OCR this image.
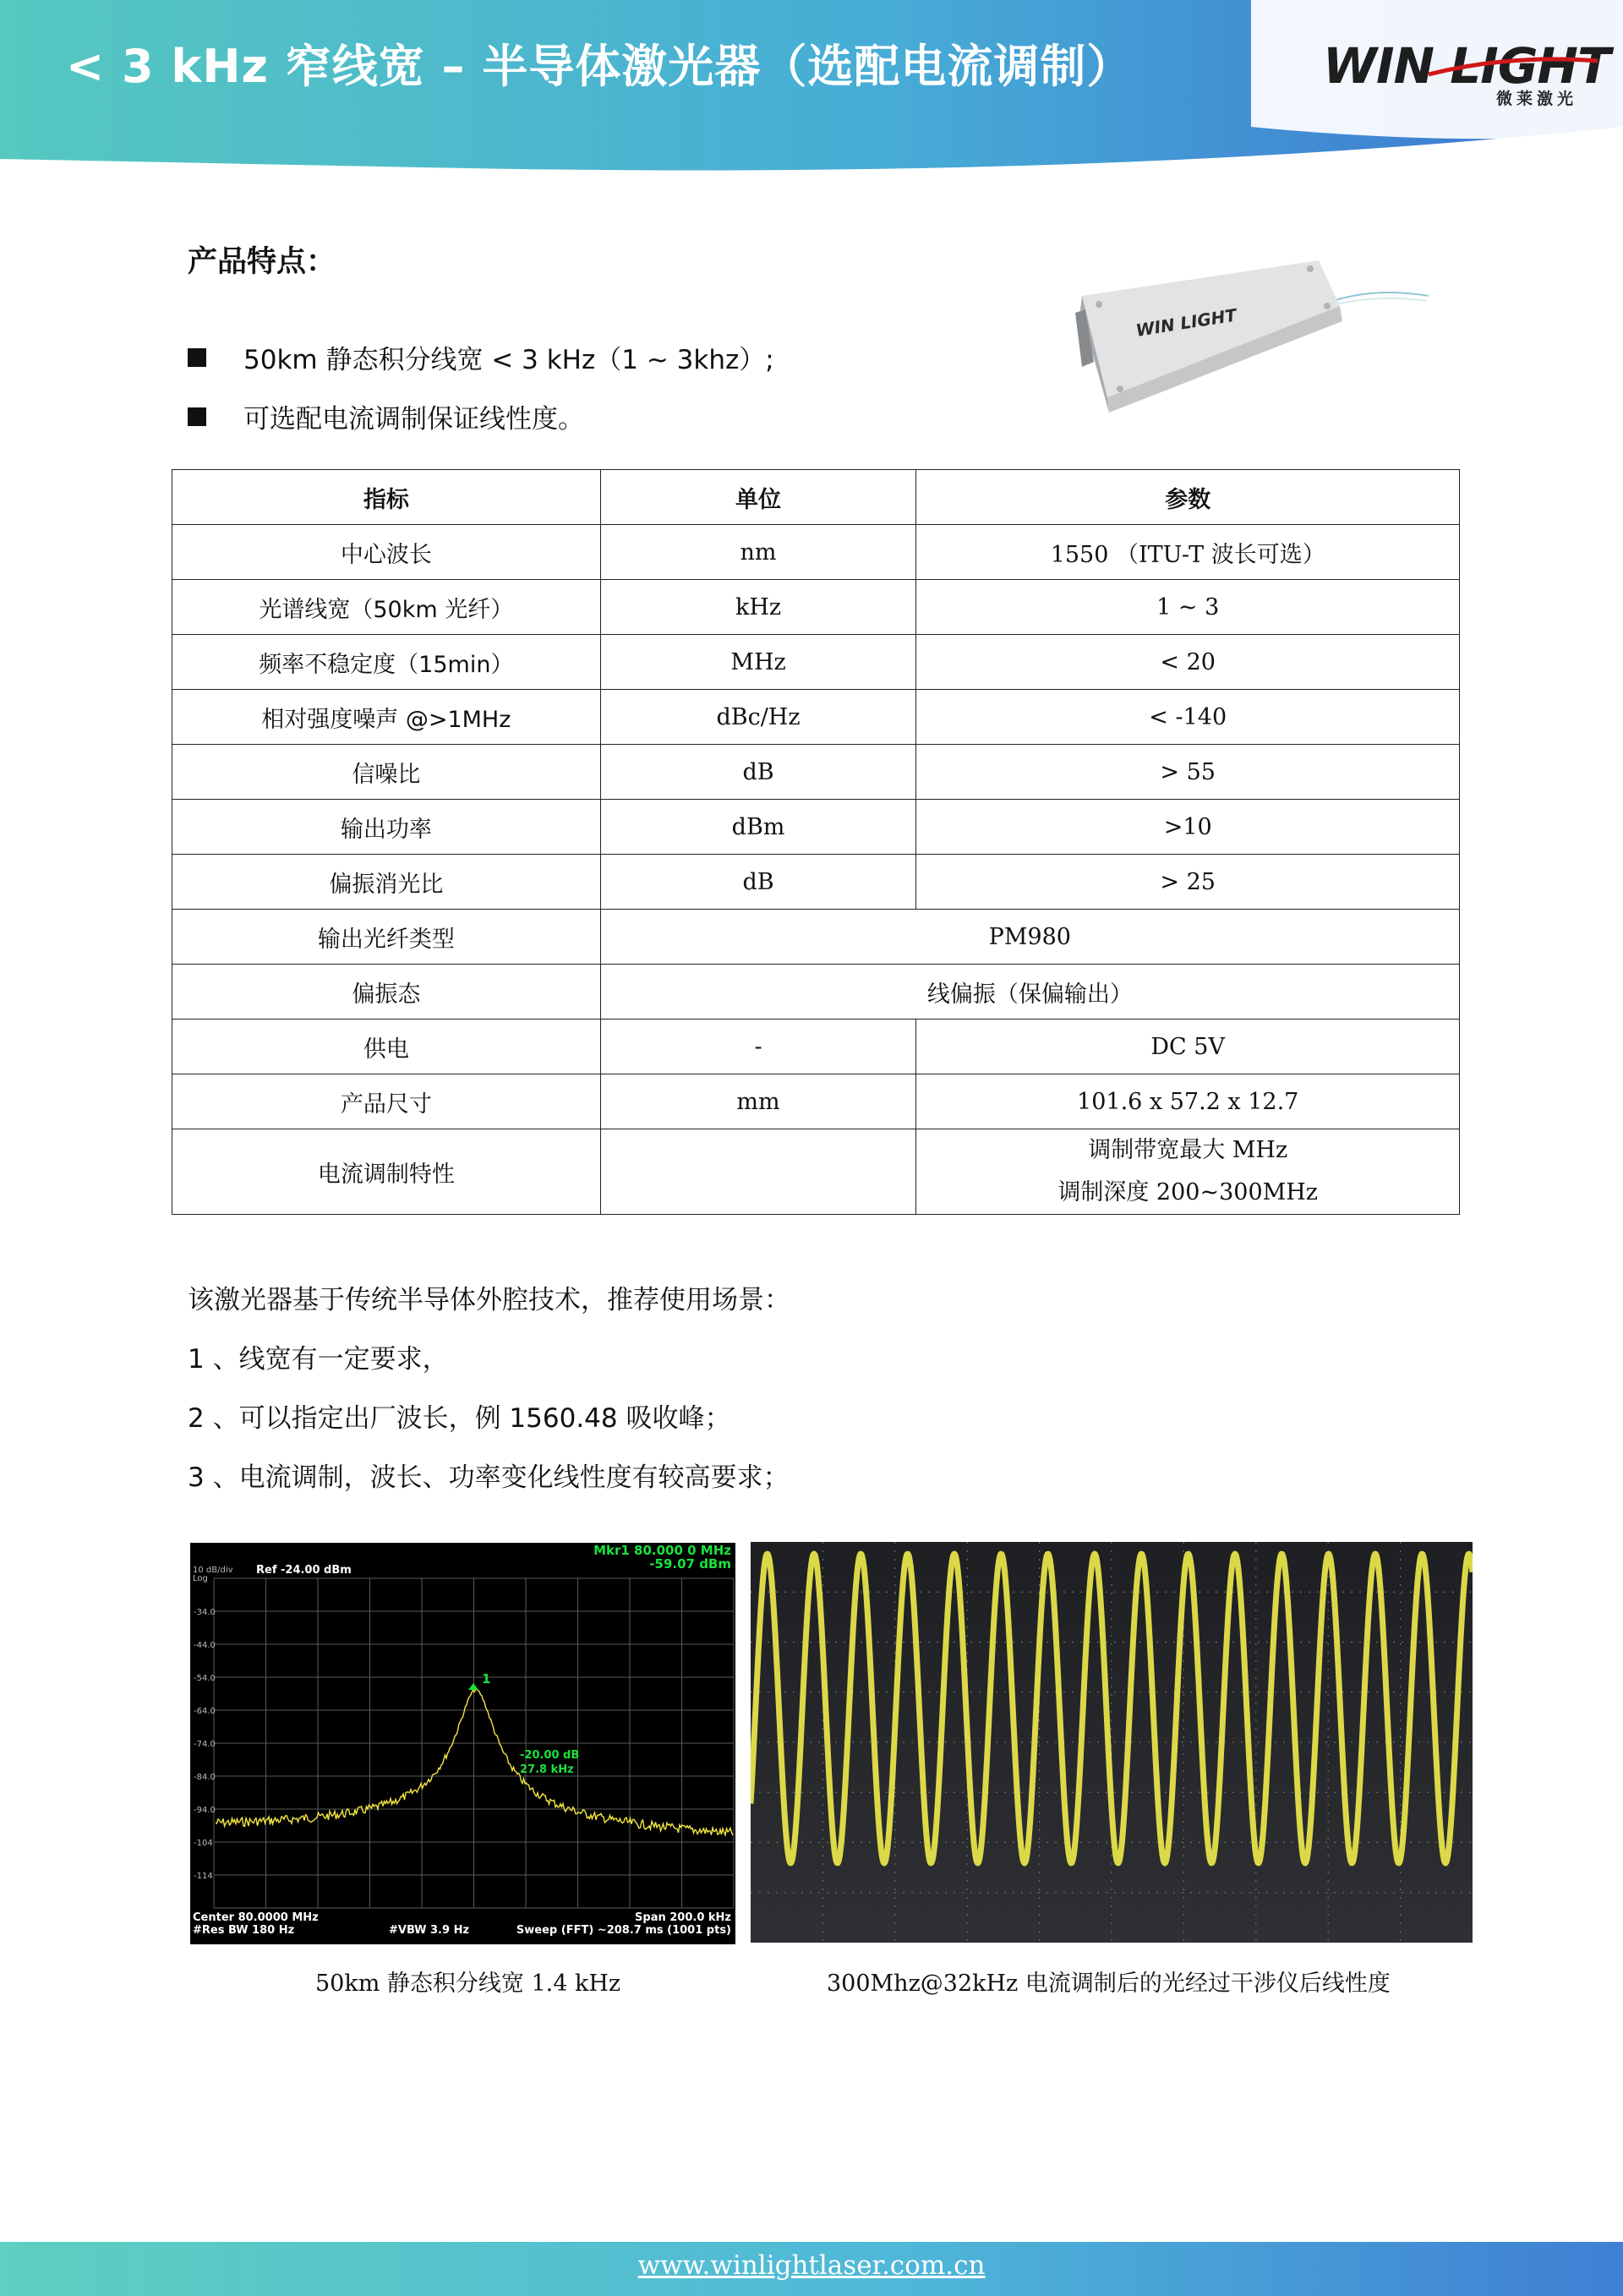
< 3 kHz 窄线宽 – 半导体激光器（选配电流调制）	WIN LIGHT
微莱激光
产品特点：
50km 静态积分线宽 < 3 kHz（1 ~ 3khz）;
可选配电流调制保证线性度。
WIN LIGHT
指标	单位	参数
中心波长	nm	1550 （ITU-T 波长可选）
光谱线宽（50km 光纤）	kHz	1 ~ 3
频率不稳定度（15min）	MHz	< 20
相对强度噪声 @>1MHz	dBc/Hz	< -140
信噪比	dB	> 55
输出功率	dBm	>10
偏振消光比	dB	> 25
输出光纤类型	PM980	
偏振态	线偏振（保偏输出）	
供电	-	DC 5V
产品尺寸	mm	101.6 x 57.2 x 12.7
电流调制特性		调制带宽最大 MHz
调制深度 200~300MHz
该激光器基于传统半导体外腔技术，推荐使用场景：
1 、线宽有一定要求，
2 、可以指定出厂波长，例 1560.48 吸收峰；
3 、电流调制，波长、功率变化线性度有较高要求；
10 dB/div
Log
Ref -24.00 dBm
Mkr1 80.000 0 MHz
-59.07 dBm
-34.0
-44.0
-54.0
-64.0
-74.0
-84.0
-94.0
-104
-114
1
-20.00 dB
27.8 kHz
Center 80.0000 MHz
#Res BW 180 Hz	#VBW 3.9 Hz
Span 200.0 kHz
Sweep (FFT) ~208.7 ms (1001 pts)
50km 静态积分线宽 1.4 kHz	300Mhz@32kHz 电流调制后的光经过干涉仪后线性度
www.winlightlaser.com.cn
